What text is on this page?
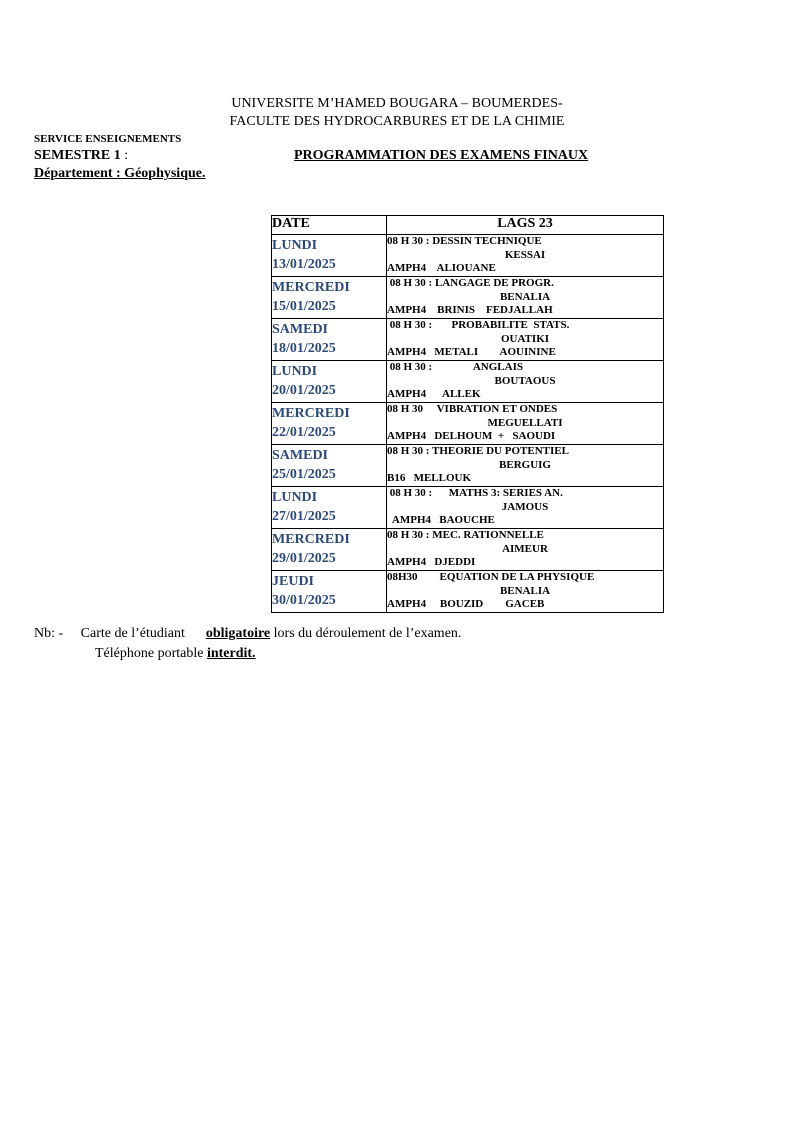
UNIVERSITE M’HAMED BOUGARA – BOUMERDES-
FACULTE DES HYDROCARBURES ET DE LA CHIMIE
SERVICE ENSEIGNEMENTS
SEMESTRE 1 :	PROGRAMMATION DES EXAMENS FINAUX
Département : Géophysique.
DATE	LAGS 23

LUNDI
13/01/2025	08 H 30 : DESSIN TECHNIQUE
KESSAI
AMPH4    ALIOUANE

MERCREDI
15/01/2025	08 H 30 : LANGAGE DE PROGR.
BENALIA
AMPH4    BRINIS    FEDJALLAH

SAMEDI
18/01/2025	08 H 30 :       PROBABILITE  STATS.
OUATIKI
AMPH4   METALI        AOUININE

LUNDI
20/01/2025	08 H 30 :               ANGLAIS
BOUTAOUS
AMPH4      ALLEK

MERCREDI
22/01/2025	08 H 30     VIBRATION ET ONDES
MEGUELLATI
AMPH4   DELHOUM  +   SAOUDI

SAMEDI
25/01/2025	08 H 30 : THEORIE DU POTENTIEL
BERGUIG
B16   MELLOUK

LUNDI
27/01/2025	08 H 30 :      MATHS 3: SERIES AN.
JAMOUS
AMPH4   BAOUCHE

MERCREDI
29/01/2025	08 H 30 : MEC. RATIONNELLE
AIMEUR
AMPH4   DJEDDI

JEUDI
30/01/2025	08H30        EQUATION DE LA PHYSIQUE
BENALIA
AMPH4     BOUZID        GACEB
Nb: -     Carte de l’étudiant      obligatoire lors du déroulement de l’examen.
Téléphone portable interdit.
